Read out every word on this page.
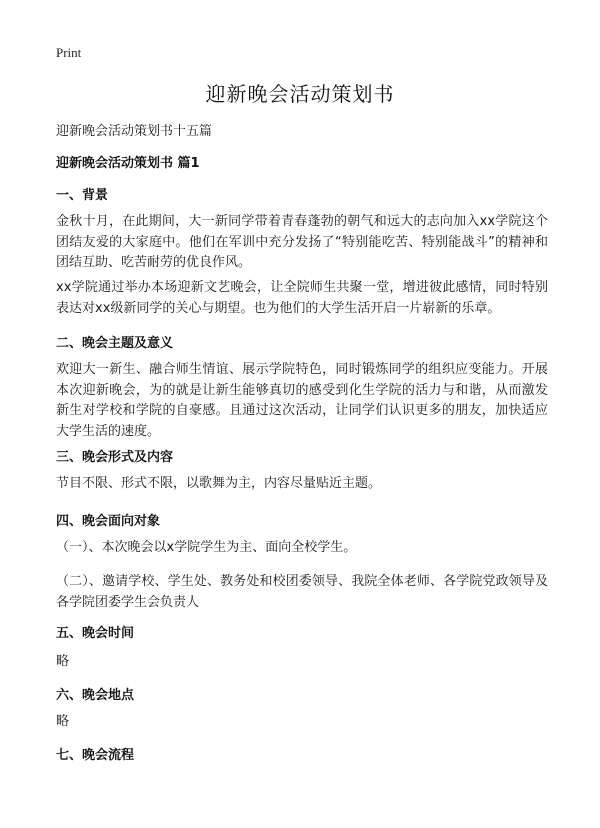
Print
迎新晚会活动策划书
迎新晚会活动策划书十五篇
迎新晚会活动策划书 篇1
一、背景

金秋十月，在此期间，大一新同学带着青春蓬勃的朝气和远大的志向加入xx学院这个团结友爱的大家庭中。他们在军训中充分发扬了“特别能吃苦、特别能战斗”的精神和团结互助、吃苦耐劳的优良作风。

xx学院通过举办本场迎新文艺晚会，让全院师生共聚一堂，增进彼此感情，同时特别表达对xx级新同学的关心与期望。也为他们的大学生活开启一片崭新的乐章。

二、晚会主题及意义

欢迎大一新生、融合师生情谊、展示学院特色，同时锻炼同学的组织应变能力。开展本次迎新晚会，为的就是让新生能够真切的感受到化生学院的活力与和谐，从而激发新生对学校和学院的自豪感。且通过这次活动，让同学们认识更多的朋友，加快适应大学生活的速度。

三、晚会形式及内容

节目不限、形式不限，以歌舞为主，内容尽量贴近主题。

四、晚会面向对象

（一）、本次晚会以x学院学生为主、面向全校学生。

（二）、邀请学校、学生处、教务处和校团委领导、我院全体老师、各学院党政领导及各学院团委学生会负责人

五、晚会时间

略

六、晚会地点

略

七、晚会流程
